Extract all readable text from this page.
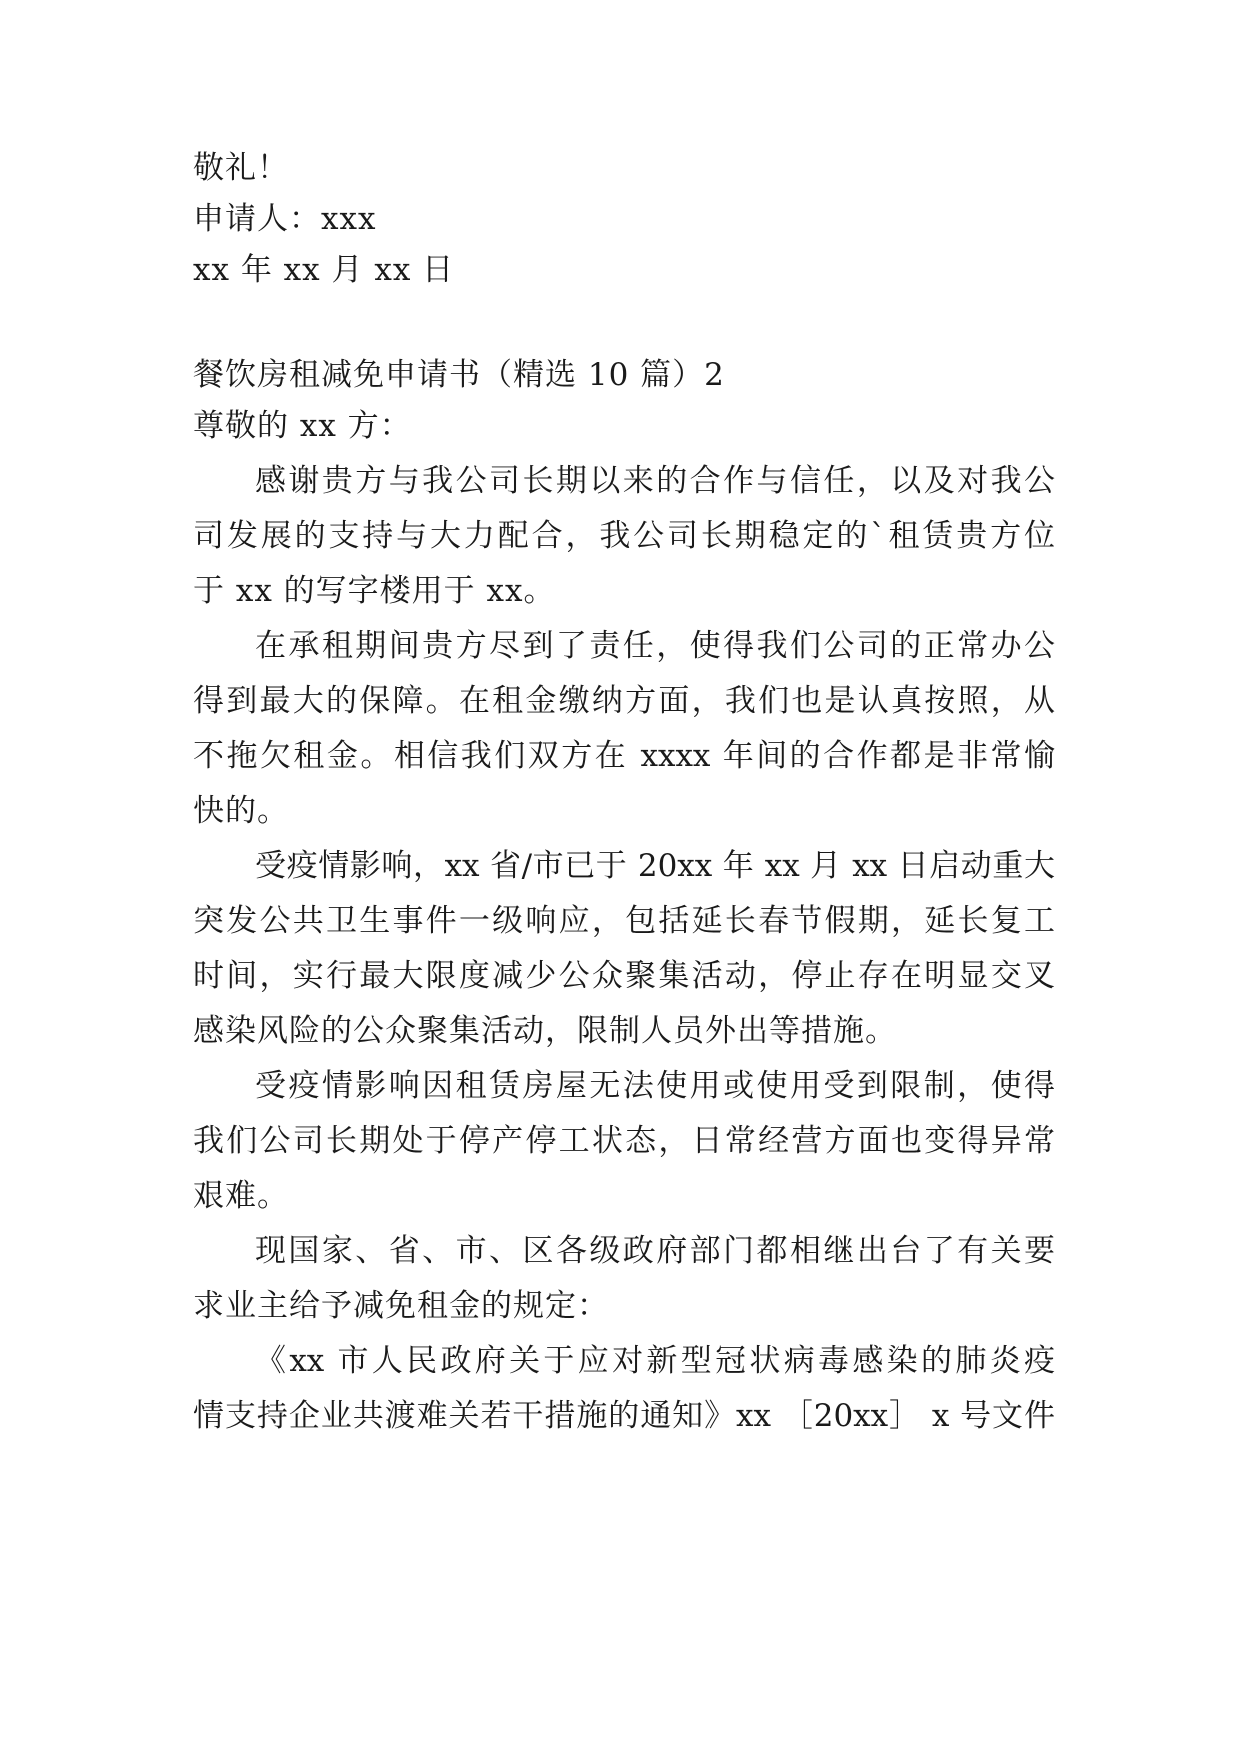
敬礼！
申请人：xxx
xx 年 xx 月 xx 日
餐饮房租减免申请书（精选 10 篇）2
尊敬的 xx 方：
感谢贵方与我公司长期以来的合作与信任，以及对我公
司发展的支持与大力配合，我公司长期稳定的`租赁贵方位
于 xx 的写字楼用于 xx。
在承租期间贵方尽到了责任，使得我们公司的正常办公
得到最大的保障。在租金缴纳方面，我们也是认真按照，从
不拖欠租金。相信我们双方在 xxxx 年间的合作都是非常愉
快的。
受疫情影响，xx 省/市已于 20xx 年 xx 月 xx 日启动重大
突发公共卫生事件一级响应，包括延长春节假期，延长复工
时间，实行最大限度减少公众聚集活动，停止存在明显交叉
感染风险的公众聚集活动，限制人员外出等措施。
受疫情影响因租赁房屋无法使用或使用受到限制，使得
我们公司长期处于停产停工状态，日常经营方面也变得异常
艰难。
现国家、省、市、区各级政府部门都相继出台了有关要
求业主给予减免租金的规定：
《xx 市人民政府关于应对新型冠状病毒感染的肺炎疫
情支持企业共渡难关若干措施的通知》xx ［20xx］ x 号文件
